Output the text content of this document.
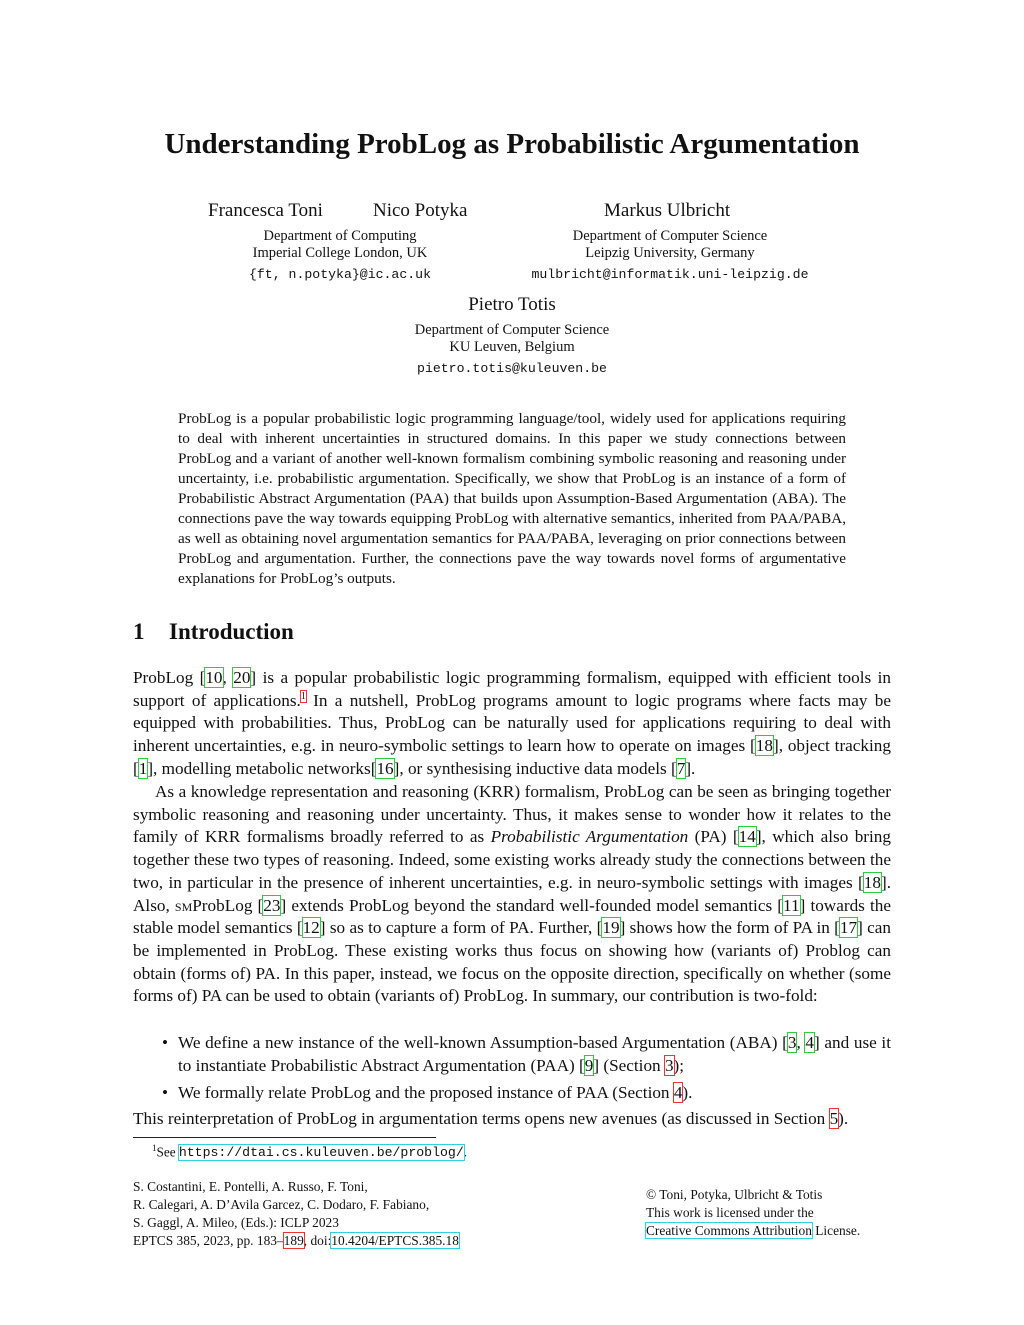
Understanding ProbLog as Probabilistic Argumentation
Francesca Toni	Nico Potyka	Markus Ulbricht
Department of Computing
Imperial College London, UK
{ft, n.potyka}@ic.ac.uk
Department of Computer Science
Leipzig University, Germany
mulbricht@informatik.uni-leipzig.de
Pietro Totis
Department of Computer Science
KU Leuven, Belgium
pietro.totis@kuleuven.be
ProbLog is a popular probabilistic logic programming language/tool, widely used for applications requiring to deal with inherent uncertainties in structured domains. In this paper we study connections between ProbLog and a variant of another well-known formalism combining symbolic reasoning and reasoning under uncertainty, i.e. probabilistic argumentation. Specifically, we show that ProbLog is an instance of a form of Probabilistic Abstract Argumentation (PAA) that builds upon Assumption-Based Argumentation (ABA). The connections pave the way towards equipping ProbLog with alternative semantics, inherited from PAA/PABA, as well as obtaining novel argumentation semantics for PAA/PABA, leveraging on prior connections between ProbLog and argumentation. Further, the connections pave the way towards novel forms of argumentative explanations for ProbLog’s outputs.
1 Introduction
ProbLog [10, 20] is a popular probabilistic logic programming formalism, equipped with efficient tools in support of applications.$^1$ In a nutshell, ProbLog programs amount to logic programs where facts may be equipped with probabilities. Thus, ProbLog can be naturally used for applications requiring to deal with inherent uncertainties, e.g. in neuro-symbolic settings to learn how to operate on images [18], object tracking [1], modelling metabolic networks[16], or synthesising inductive data models [7].
As a knowledge representation and reasoning (KRR) formalism, ProbLog can be seen as bringing together symbolic reasoning and reasoning under uncertainty. Thus, it makes sense to wonder how it relates to the family of KRR formalisms broadly referred to as Probabilistic Argumentation (PA) [14], which also bring together these two types of reasoning. Indeed, some existing works already study the connections between the two, in particular in the presence of inherent uncertainties, e.g. in neuro-symbolic settings with images [18]. Also, smProbLog [23] extends ProbLog beyond the standard well-founded model semantics [11] towards the stable model semantics [12] so as to capture a form of PA. Further, [19] shows how the form of PA in [17] can be implemented in ProbLog. These existing works thus focus on showing how (variants of) Problog can obtain (forms of) PA. In this paper, instead, we focus on the opposite direction, specifically on whether (some forms of) PA can be used to obtain (variants of) ProbLog. In summary, our contribution is two-fold:
• We define a new instance of the well-known Assumption-based Argumentation (ABA) [3, 4] and use it to instantiate Probabilistic Abstract Argumentation (PAA) [9] (Section 3);
• We formally relate ProbLog and the proposed instance of PAA (Section 4).
This reinterpretation of ProbLog in argumentation terms opens new avenues (as discussed in Section 5).
$^1$See https://dtai.cs.kuleuven.be/problog/.
S. Costantini, E. Pontelli, A. Russo, F. Toni,
R. Calegari, A. D’Avila Garcez, C. Dodaro, F. Fabiano,
S. Gaggl, A. Mileo, (Eds.): ICLP 2023
EPTCS 385, 2023, pp. 183–189, doi:10.4204/EPTCS.385.18
© Toni, Potyka, Ulbricht & Totis
This work is licensed under the
Creative Commons Attribution License.
